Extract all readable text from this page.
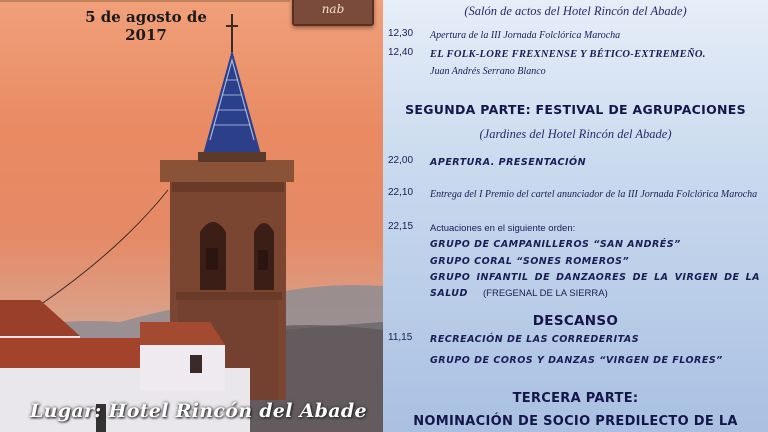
5 de agosto de 2017
nab
Lugar: Hotel Rincón del Abade
(Salón de actos del Hotel Rincón del Abade)
12,30 Apertura de la III Jornada Folclórica Marocha
12,40 EL FOLK-LORE FREXNENSE Y BÉTICO-EXTREMEÑO.
Juan Andrés Serrano Blanco
SEGUNDA PARTE: FESTIVAL DE AGRUPACIONES
(Jardines del Hotel Rincón del Abade)
22,00 APERTURA. PRESENTACIÓN
22,10 Entrega del I Premio del cartel anunciador de la III Jornada Folclórica Marocha
22,15 Actuaciones en el siguiente orden:
GRUPO DE CAMPANILLEROS “SAN ANDRÉS”
GRUPO CORAL “SONES ROMEROS”
GRUPO INFANTIL DE DANZAORES DE LA VIRGEN DE LA SALUD	(FREGENAL DE LA SIERRA)
DESCANSO
11,15 RECREACIÓN DE LAS CORREDERITAS
GRUPO DE COROS Y DANZAS “VIRGEN DE FLORES”
TERCERA PARTE:
NOMINACIÓN DE SOCIO PREDILECTO DE LA
